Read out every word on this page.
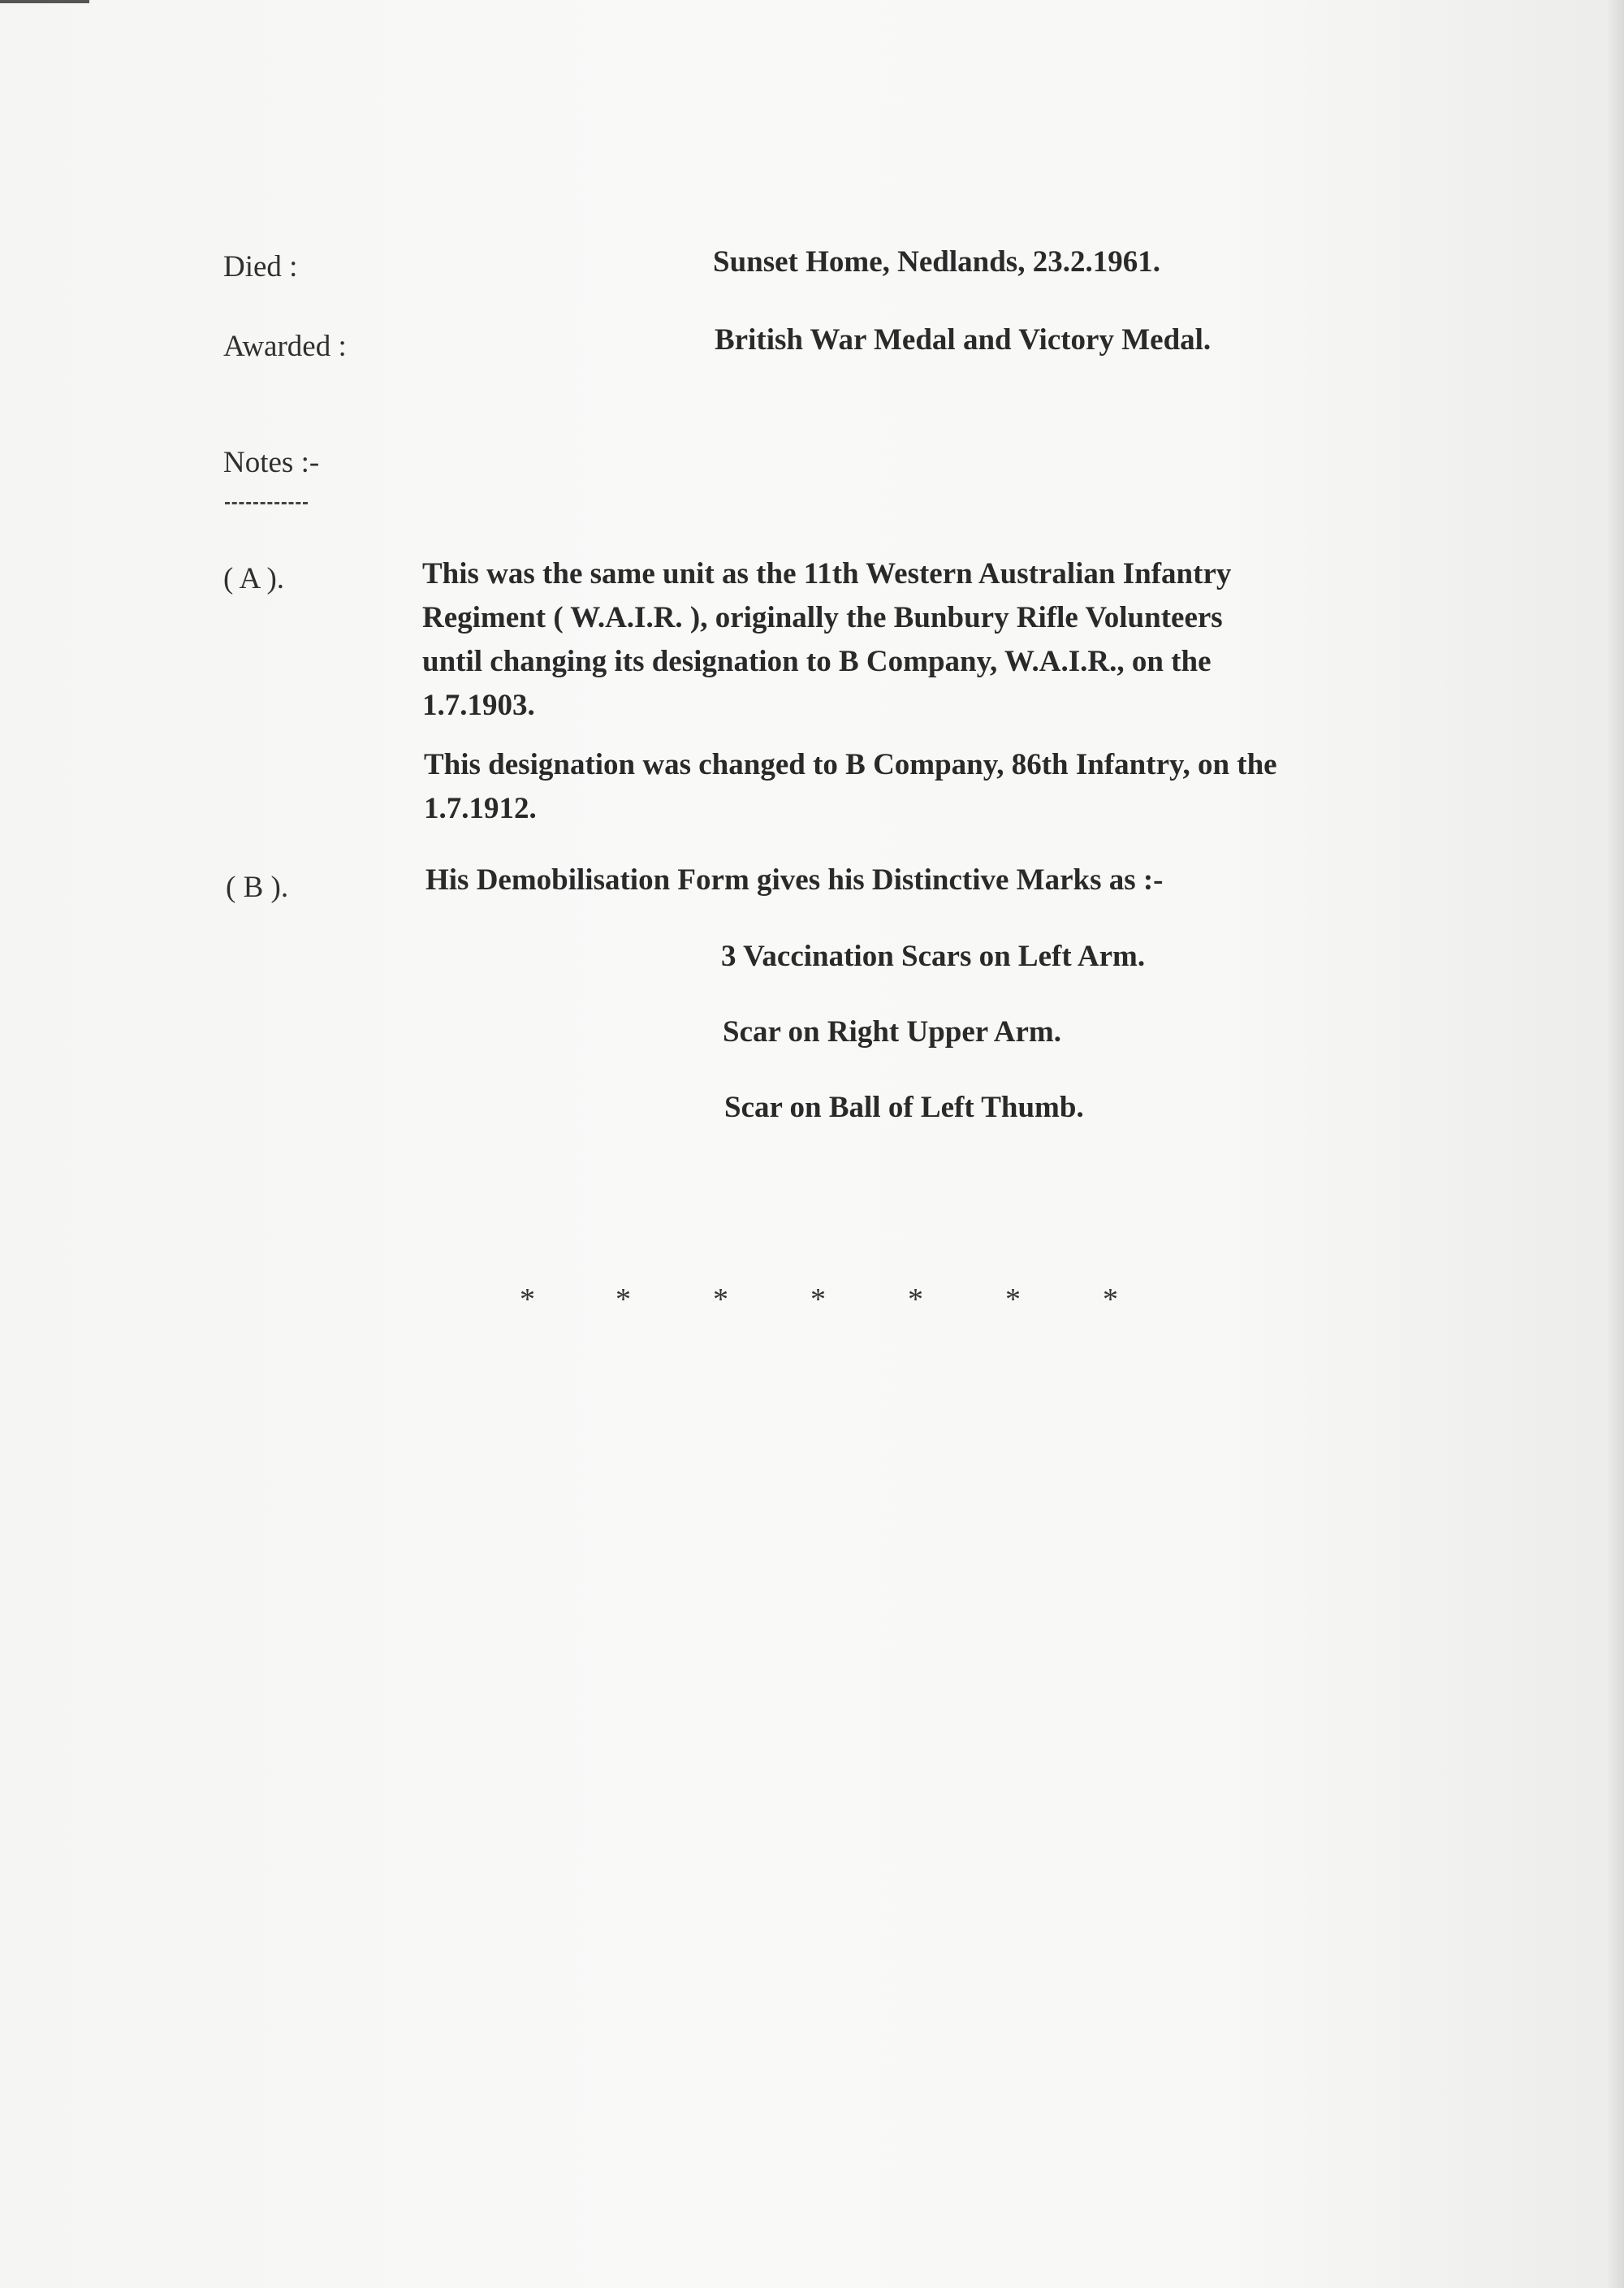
Died :	Sunset Home, Nedlands, 23.2.1961.
Awarded :	British War Medal and Victory Medal.
Notes :-
( A ).	This was the same unit as the 11th Western Australian Infantry
Regiment ( W.A.I.R. ), originally the Bunbury Rifle Volunteers
until changing its designation to B Company, W.A.I.R., on the
1.7.1903.
This designation was changed to B Company, 86th Infantry, on the
1.7.1912.
( B ).	His Demobilisation Form gives his Distinctive Marks as :-
3 Vaccination Scars on Left Arm.
Scar on Right Upper Arm.
Scar on Ball of Left Thumb.
*	*	*	*	*	*	*
